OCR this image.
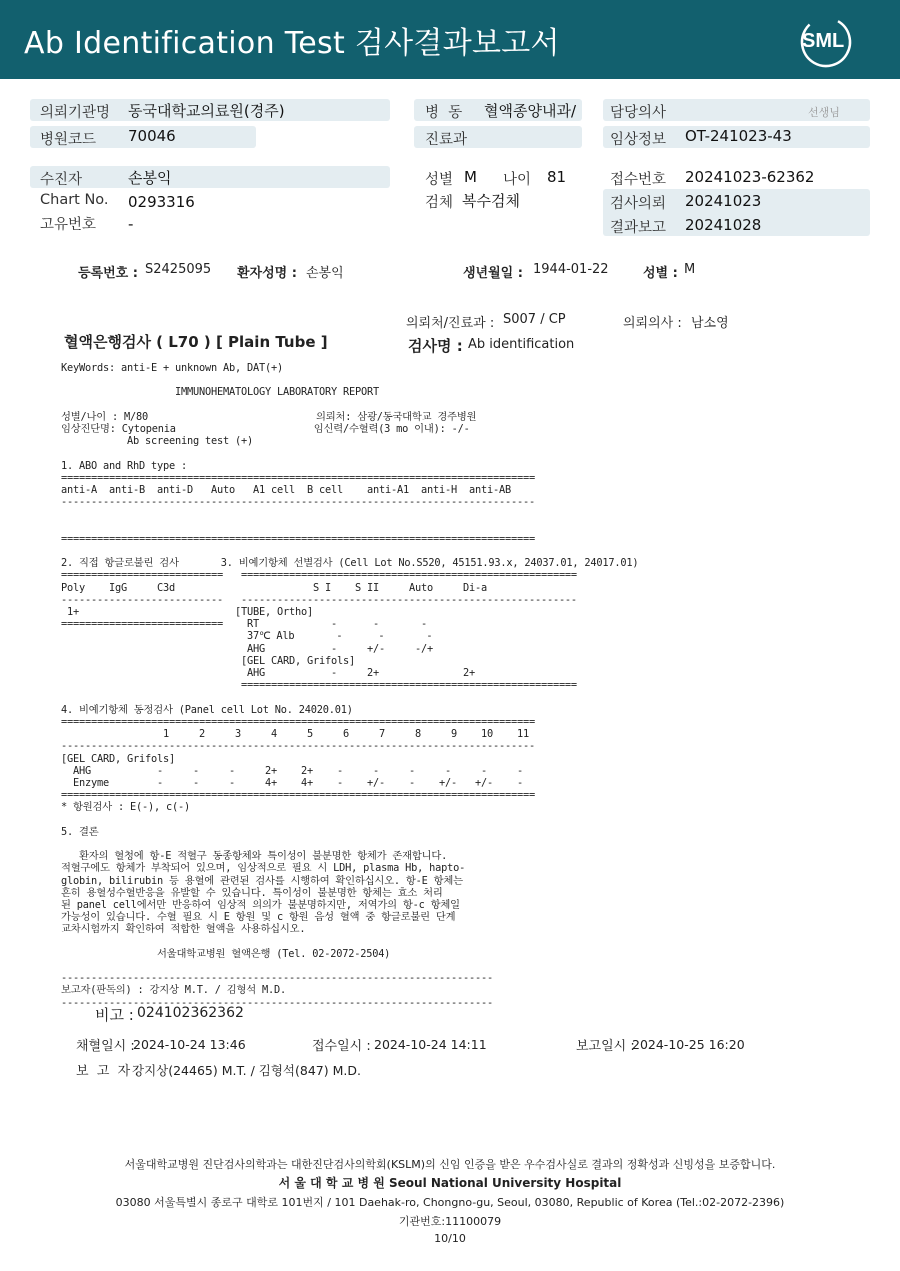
Ab Identification Test 검사결과보고서	SML
의뢰기관명 동국대학교의료원(경주)
병원코드 70046
병  동 혈액종양내과/
진료과
담당의사	선생님
임상정보 OT-241023-43
수진자	손봉익
Chart No. 0293316
고유번호 -
성별 M 나이 81
검체 복수검체
접수번호 20241023-62362
검사의뢰 20241023
결과보고 20241028
등록번호 : S2425095 환자성명 : 손봉익	생년월일 : 1944-01-22	성별 : M
의뢰처/진료과 : S007 / CP	의뢰의사 : 남소영
혈액은행검사 ( L70 ) [ Plain Tube ]	검사명 : Ab identification
KeyWords: anti-E + unknown Ab, DAT(+)

IMMUNOHEMATOLOGY LABORATORY REPORT

성별/나이 : M/80                            의뢰처: 삼광/동국대학교 경주병원
임상진단명: Cytopenia                       임신력/수혈력(3 mo 이내): -/-
Ab screening test (+)

1. ABO and RhD type :
===============================================================================
anti-A  anti-B  anti-D   Auto   A1 cell  B cell    anti-A1  anti-H  anti-AB
-------------------------------------------------------------------------------

===============================================================================

2. 직접 항글로불린 검사       3. 비예기항체 선별검사 (Cell Lot No.S520, 45151.93.x, 24037.01, 24017.01)
===========================   ========================================================
Poly    IgG     C3d                       S I    S II     Auto     Di-a
---------------------------   --------------------------------------------------------
1+                          [TUBE, Ortho]
===========================    RT            -      -       -
37℃ Alb       -      -       -
AHG           -     +/-     -/+
[GEL CARD, Grifols]
AHG           -     2+              2+
========================================================

4. 비예기항체 동정검사 (Panel cell Lot No. 24020.01)
===============================================================================
1     2     3     4     5     6     7     8     9    10    11
-------------------------------------------------------------------------------
[GEL CARD, Grifols]
AHG           -     -     -     2+    2+    -     -     -     -     -     -
Enzyme        -     -     -     4+    4+    -    +/-    -    +/-   +/-    -
===============================================================================
* 항원검사 : E(-), c(-)

5. 결론

환자의 혈청에 항-E 적혈구 동종항체와 특이성이 불분명한 항체가 존재합니다.
적혈구에도 항체가 부착되어 있으며, 임상적으로 필요 시 LDH, plasma Hb, hapto-
globin, bilirubin 등 용혈에 관련된 검사를 시행하여 확인하십시오. 항-E 항체는
흔히 용혈성수혈반응을 유발할 수 있습니다. 특이성이 불분명한 항체는 효소 처리
된 panel cell에서만 반응하여 임상적 의의가 불분명하지만, 저역가의 항-c 항체일
가능성이 있습니다. 수혈 필요 시 E 항원 및 c 항원 음성 혈액 중 항글로불린 단계
교차시험까지 확인하여 적합한 혈액을 사용하십시오.

서울대학교병원 혈액은행 (Tel. 02-2072-2504)

------------------------------------------------------------------------
보고자(판독의) : 강지상 M.T. / 김형석 M.D.
------------------------------------------------------------------------
비고 : 024102362362
채혈일시 :
2024-10-24 13:46	접수일시 : 2024-10-24 14:11	보고일시 :
2024-10-25 16:20
보  고  자 :
강지상(24465) M.T. / 김형석(847) M.D.
서울대학교병원 진단검사의학과는 대한진단검사의학회(KSLM)의 신임 인증을 받은 우수검사실로 결과의 정확성과 신빙성을 보증합니다.
서 울 대 학 교 병 원 Seoul National University Hospital
03080 서울특별시 종로구 대학로 101번지 / 101 Daehak-ro, Chongno-gu, Seoul, 03080, Republic of Korea (Tel.:02-2072-2396)
기관번호:11100079
10/10
